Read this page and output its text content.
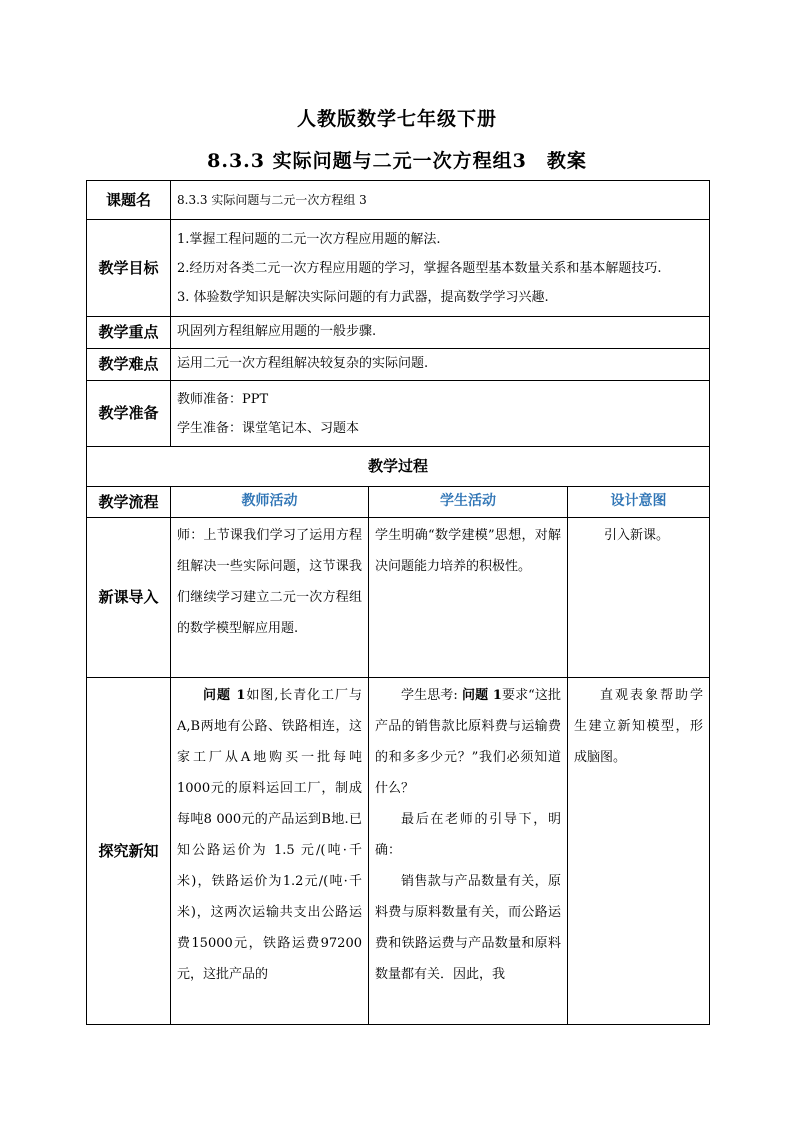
人教版数学七年级下册
8.3.3 实际问题与二元一次方程组3　教案
课题名	8.3.3 实际问题与二元一次方程组 3		
教学目标	1.掌握工程问题的二元一次方程应用题的解法.
2.经历对各类二元一次方程应用题的学习，掌握各题型基本数量关系和基本解题技巧.
3. 体验数学知识是解决实际问题的有力武器，提高数学学习兴趣.		

教学重点	巩固列方程组解应用题的一般步骤.		
教学难点	运用二元一次方程组解决较复杂的实际问题.		
教学准备	教师准备：PPT
学生准备：课堂笔记本、习题本		

教学过程			
教学流程	教师活动	学生活动	设计意图
新课导入	师：上节课我们学习了运用方程组解决一些实际问题，这节课我们继续学习建立二元一次方程组的数学模型解应用题.	学生明确“数学建模”思想，对解决问题能力培养的积极性。	引入新课。

探究新知	问题 1如图,长青化工厂与A,B两地有公路、铁路相连，这家工厂从A地购买一批每吨1000元的原料运回工厂，制成每吨8 000元的产品运到B地.已知公路运价为 1.5 元/(吨·千米)，铁路运价为1.2元/(吨·千米)，这两次运输共支出公路运费15000元，铁路运费97200元，这批产品的	学生思考: 问题 1要求“这批产品的销售款比原料费与运输费的和多多少元？”我们必须知道什么？
最后在老师的引导下，明确：
销售款与产品数量有关，原料费与原料数量有关，而公路运费和铁路运费与产品数量和原料数量都有关．因此，我	直观表象帮助学生建立新知模型，形成脑图。
